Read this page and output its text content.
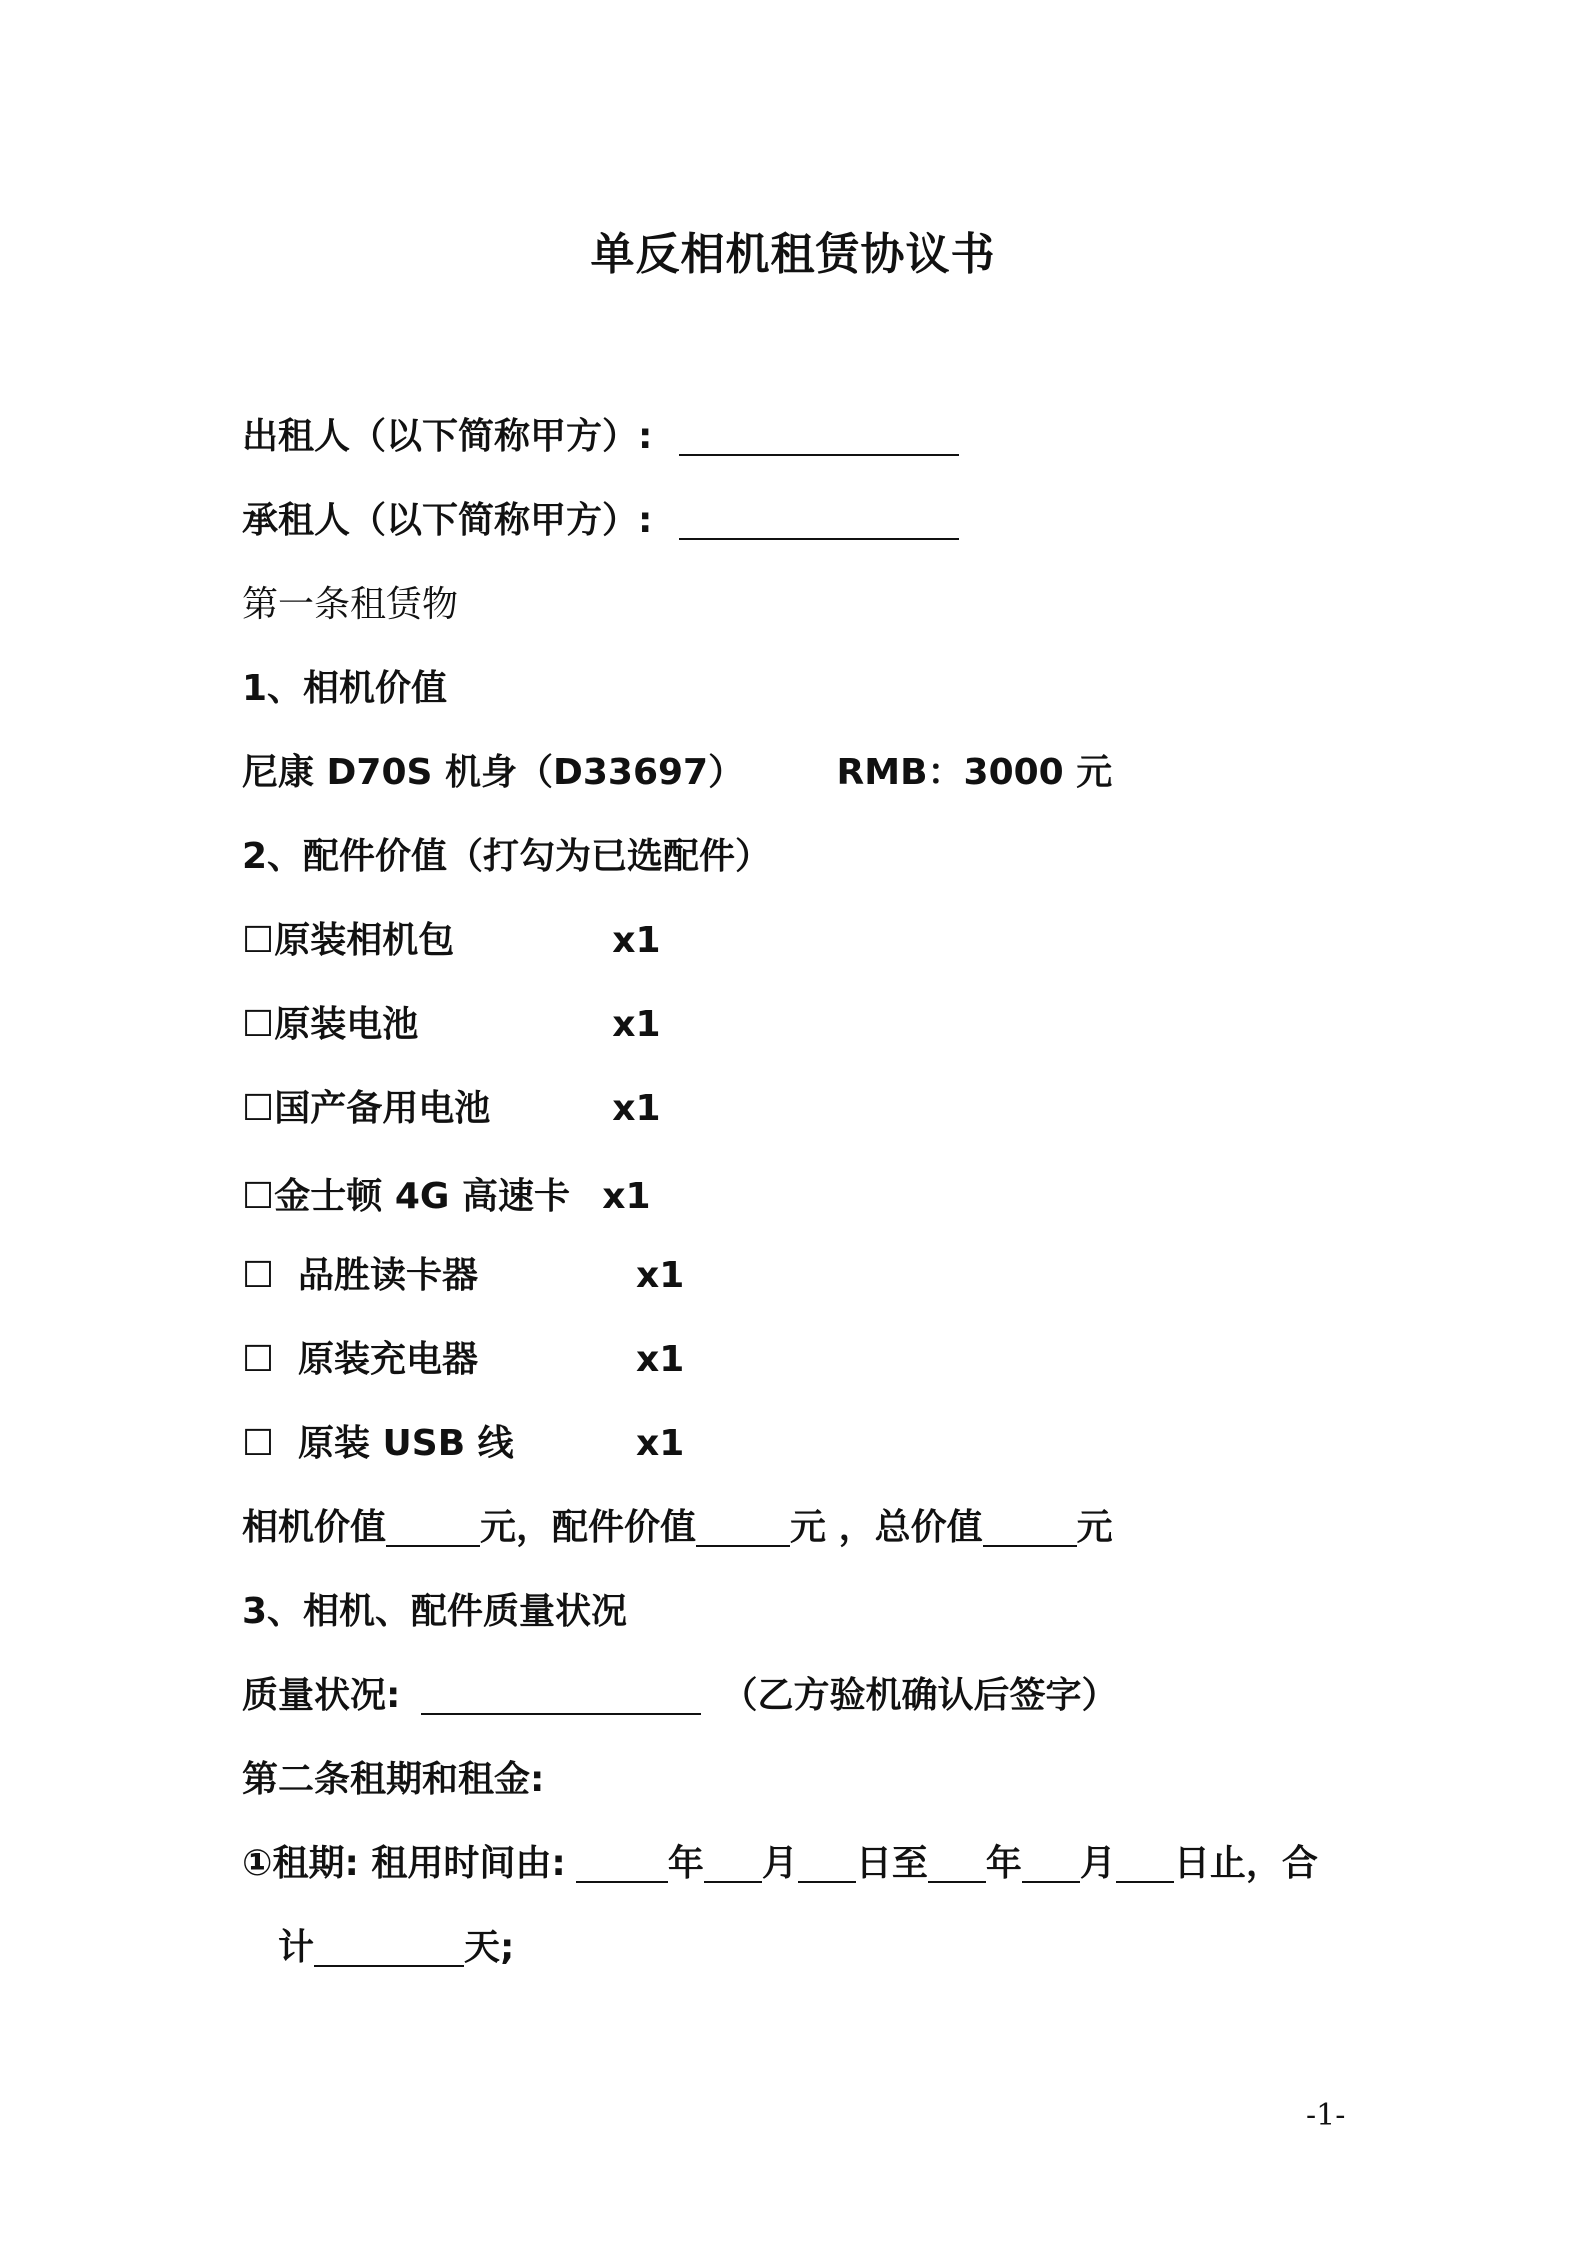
单反相机租赁协议书
出租人（以下简称甲方）:
承租人（以下简称甲方）:
第一条租赁物
1、相机价值
尼康 D70S 机身（D33697）	RMB：3000 元
2、配件价值（打勾为已选配件）
☐原装相机包	x1
☐原装电池	x1
☐国产备用电池	x1
☐金士顿 4G 高速卡 x1
☐ 品胜读卡器	x1
☐ 原装充电器	x1
☐ 原装 USB 线	x1
相机价值	元，配件价值	元 ，总价值	元
3、相机、配件质量状况
质量状况:	（乙方验机确认后签字）
第二条租期和租金:
①租期: 租用时间由:	年 月 日至 年 月 日止，合
计	天;
-1-
